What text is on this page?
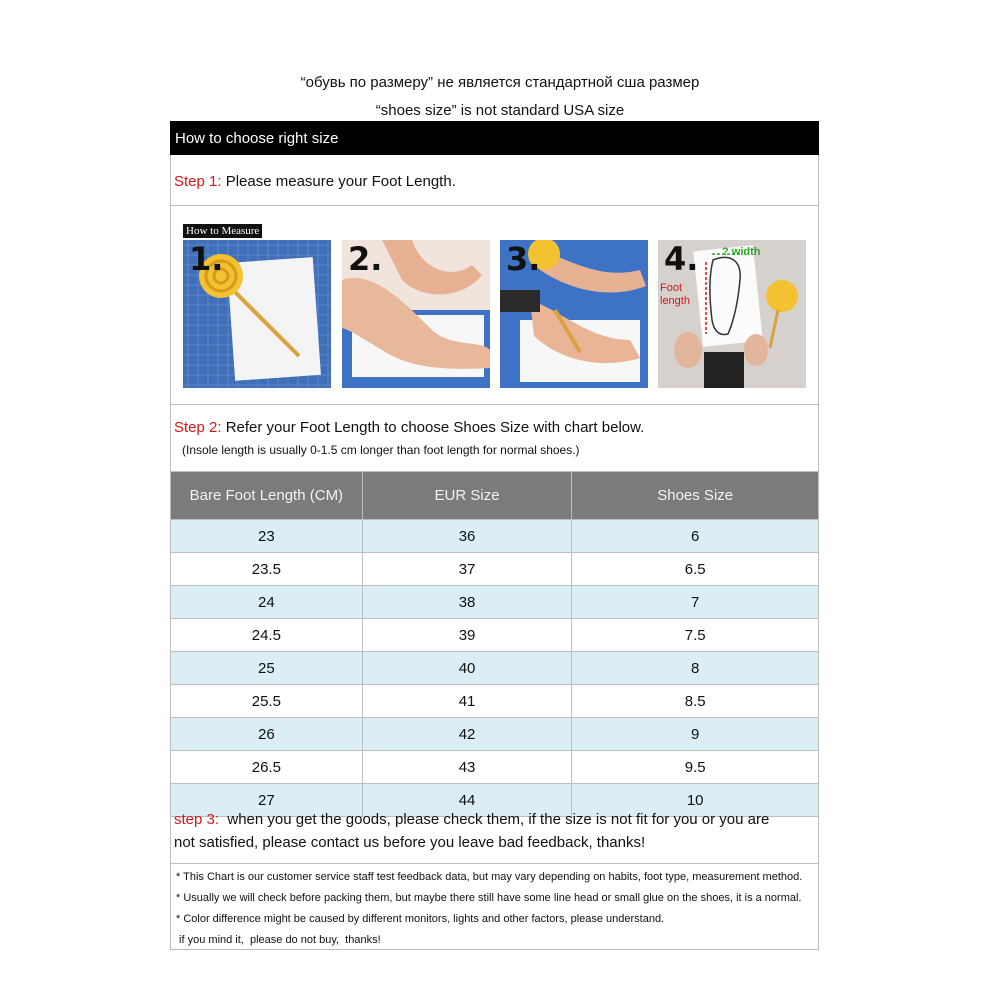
“обувь по размеру” не является стандартной сша размер
“shoes size” is not standard USA size
How to choose right size
Step 1: Please measure your Foot Length.
How to Measure
1.	2.	3.	4. ? width
Foot length
Step 2: Refer your Foot Length to choose Shoes Size with chart below.
(Insole length is usually 0-1.5 cm longer than foot length for normal shoes.)
Bare Foot Length (CM)	EUR Size	Shoes Size
23	36	6
23.5	37	6.5
24	38	7
24.5	39	7.5
25	40	8
25.5	41	8.5
26	42	9
26.5	43	9.5
27	44	10
step 3:  when you get the goods, please check them, if the size is not fit for you or you are
not satisfied, please contact us before you leave bad feedback, thanks!
* This Chart is our customer service staff test feedback data, but may vary depending on habits, foot type, measurement method.
* Usually we will check before packing them, but maybe there still have some line head or small glue on the shoes, it is a normal.
* Color difference might be caused by different monitors, lights and other factors, please understand.
if you mind it,  please do not buy,  thanks!
